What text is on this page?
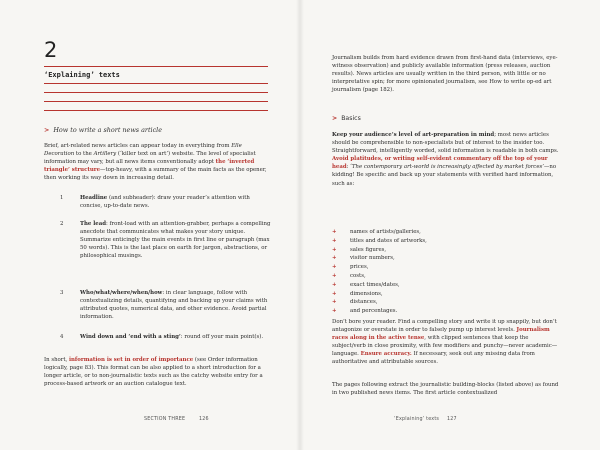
2
‘Explaining’ texts
> How to write a short news article
Brief, art-related news articles can appear today in everything from Elle Decoration to the Artillery (‘killer text on art’) website. The level of specialist information may vary, but all news items conventionally adopt the ‘inverted triangle’ structure—top-heavy, with a summary of the main facts as the opener, then working its way down in increasing detail.
1	Headline (and subheader): draw your reader’s attention with concise, up-to-date news.
2	The lead: front-load with an attention-grabber, perhaps a compelling anecdote that communicates what makes your story unique. Summarize enticingly the main events in first line or paragraph (max 50 words). This is the last place on earth for jargon, abstractions, or philosophical musings.
3	Who/what/where/when/how: in clear language, follow with contextualizing details, quantifying and backing up your claims with attributed quotes, numerical data, and other evidence. Avoid partial information.
4	Wind down and ‘end with a sting’: round off your main point(s).
In short, information is set in order of importance (see Order information logically, page 83). This format can be also applied to a short introduction for a longer article, or to non-journalistic texts such as the catchy website entry for a process-based artwork or an auction catalogue text.
SECTION THREE	126
Journalism builds from hard evidence drawn from first-hand data (interviews, eye-witness observation) and publicly available information (press releases, auction results). News articles are usually written in the third person, with little or no interpretative spin; for more opinionated journalism, see How to write op-ed art journalism (page 182).
> Basics
Keep your audience’s level of art-preparation in mind; most news articles should be comprehensible to non-specialists but of interest to the insider too. Straightforward, intelligently worded, solid information is readable in both camps. Avoid platitudes, or writing self-evident commentary off the top of your head: ‘The contemporary art-world is increasingly affected by market forces’—no kidding! Be specific and back up your statements with verified hard information, such as:
+ names of artists/galleries,
+ titles and dates of artworks,
+ sales figures,
+ visitor numbers,
+ prices,
+ costs,
+ exact times/dates,
+ dimensions,
+ distances,
+ and percentages.
Don’t bore your reader. Find a compelling story and write it up snappily, but don’t antagonize or overstate in order to falsely pump up interest levels. Journalism races along in the active tense, with clipped sentences that keep the subject/verb in close proximity, with few modifiers and punchy—never academic—language. Ensure accuracy. If necessary, seek out any missing data from authoritative and attributable sources.
The pages following extract the journalistic building-blocks (listed above) as found in two published news items. The first article contextualized
‘Explaining’ texts 127
